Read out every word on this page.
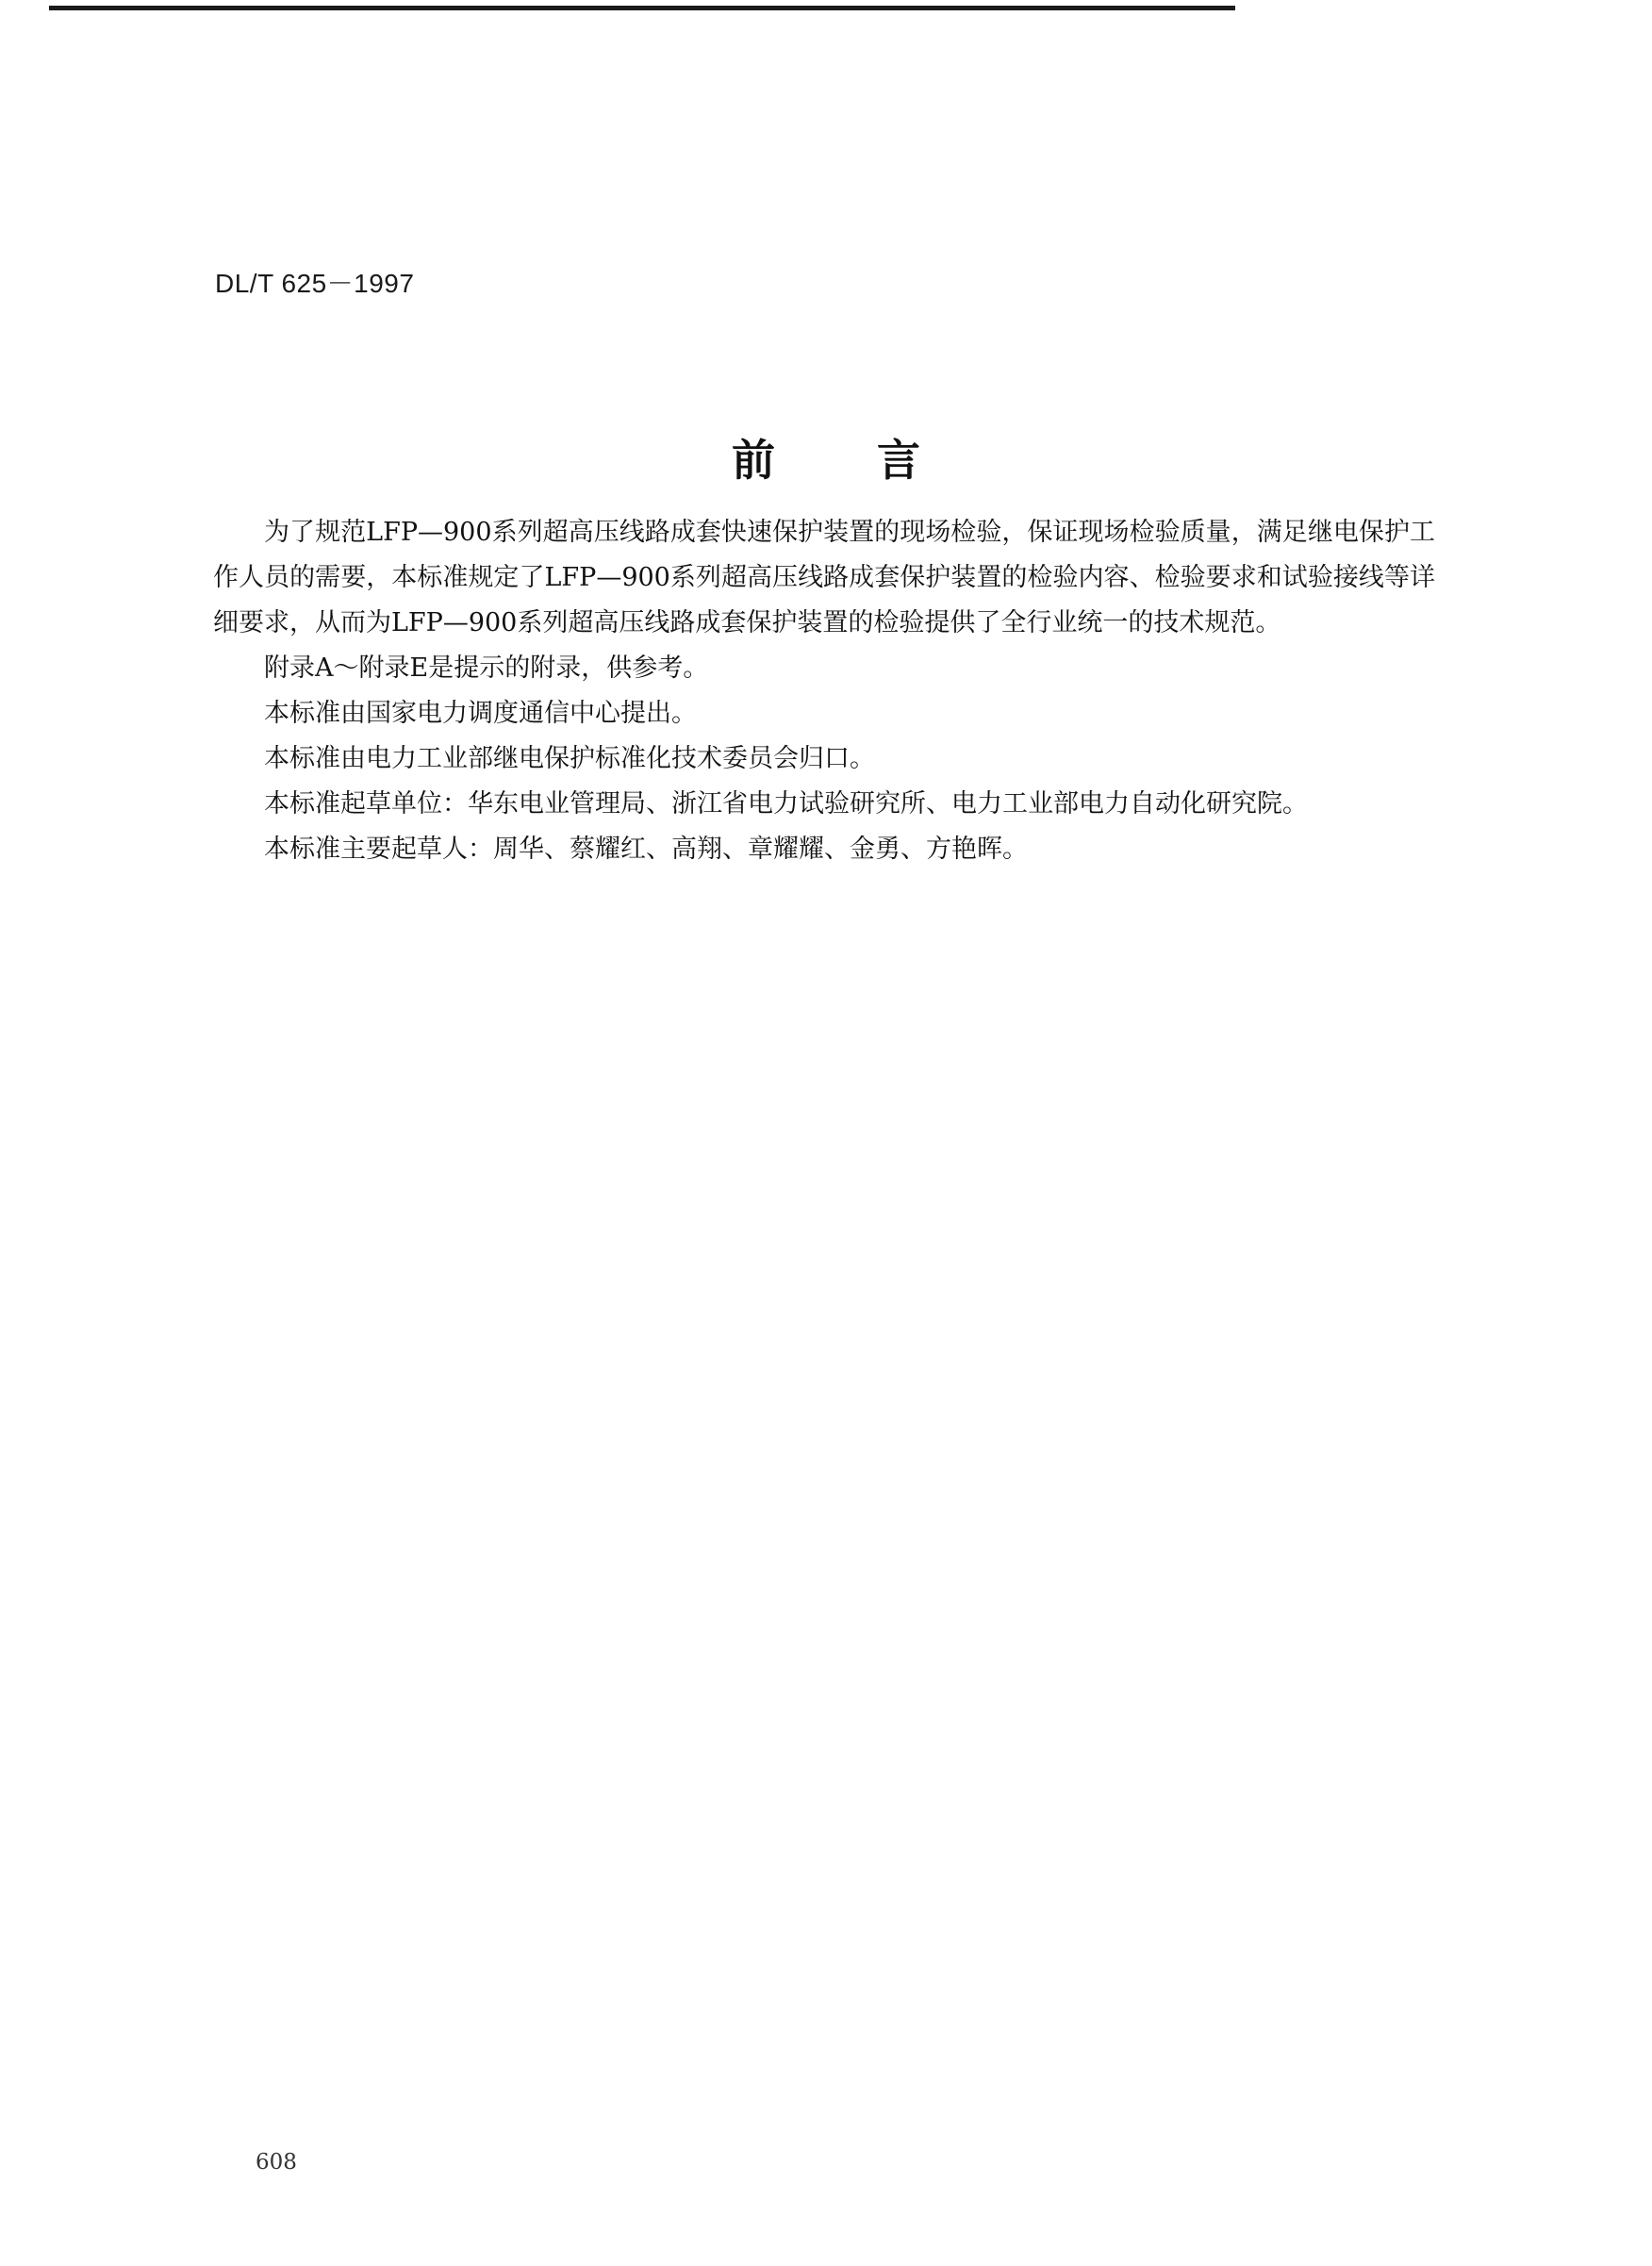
DL/T 625－1997
前言

为了规范LFP—900系列超高压线路成套快速保护装置的现场检验，保证现场检验质量，满足继电保护工作人员的需要，本标准规定了LFP—900系列超高压线路成套保护装置的检验内容、检验要求和试验接线等详细要求，从而为LFP—900系列超高压线路成套保护装置的检验提供了全行业统一的技术规范。

附录A～附录E是提示的附录，供参考。

本标准由国家电力调度通信中心提出。

本标准由电力工业部继电保护标准化技术委员会归口。

本标准起草单位：华东电业管理局、浙江省电力试验研究所、电力工业部电力自动化研究院。

本标准主要起草人：周华、蔡耀红、高翔、章耀耀、金勇、方艳晖。

608
